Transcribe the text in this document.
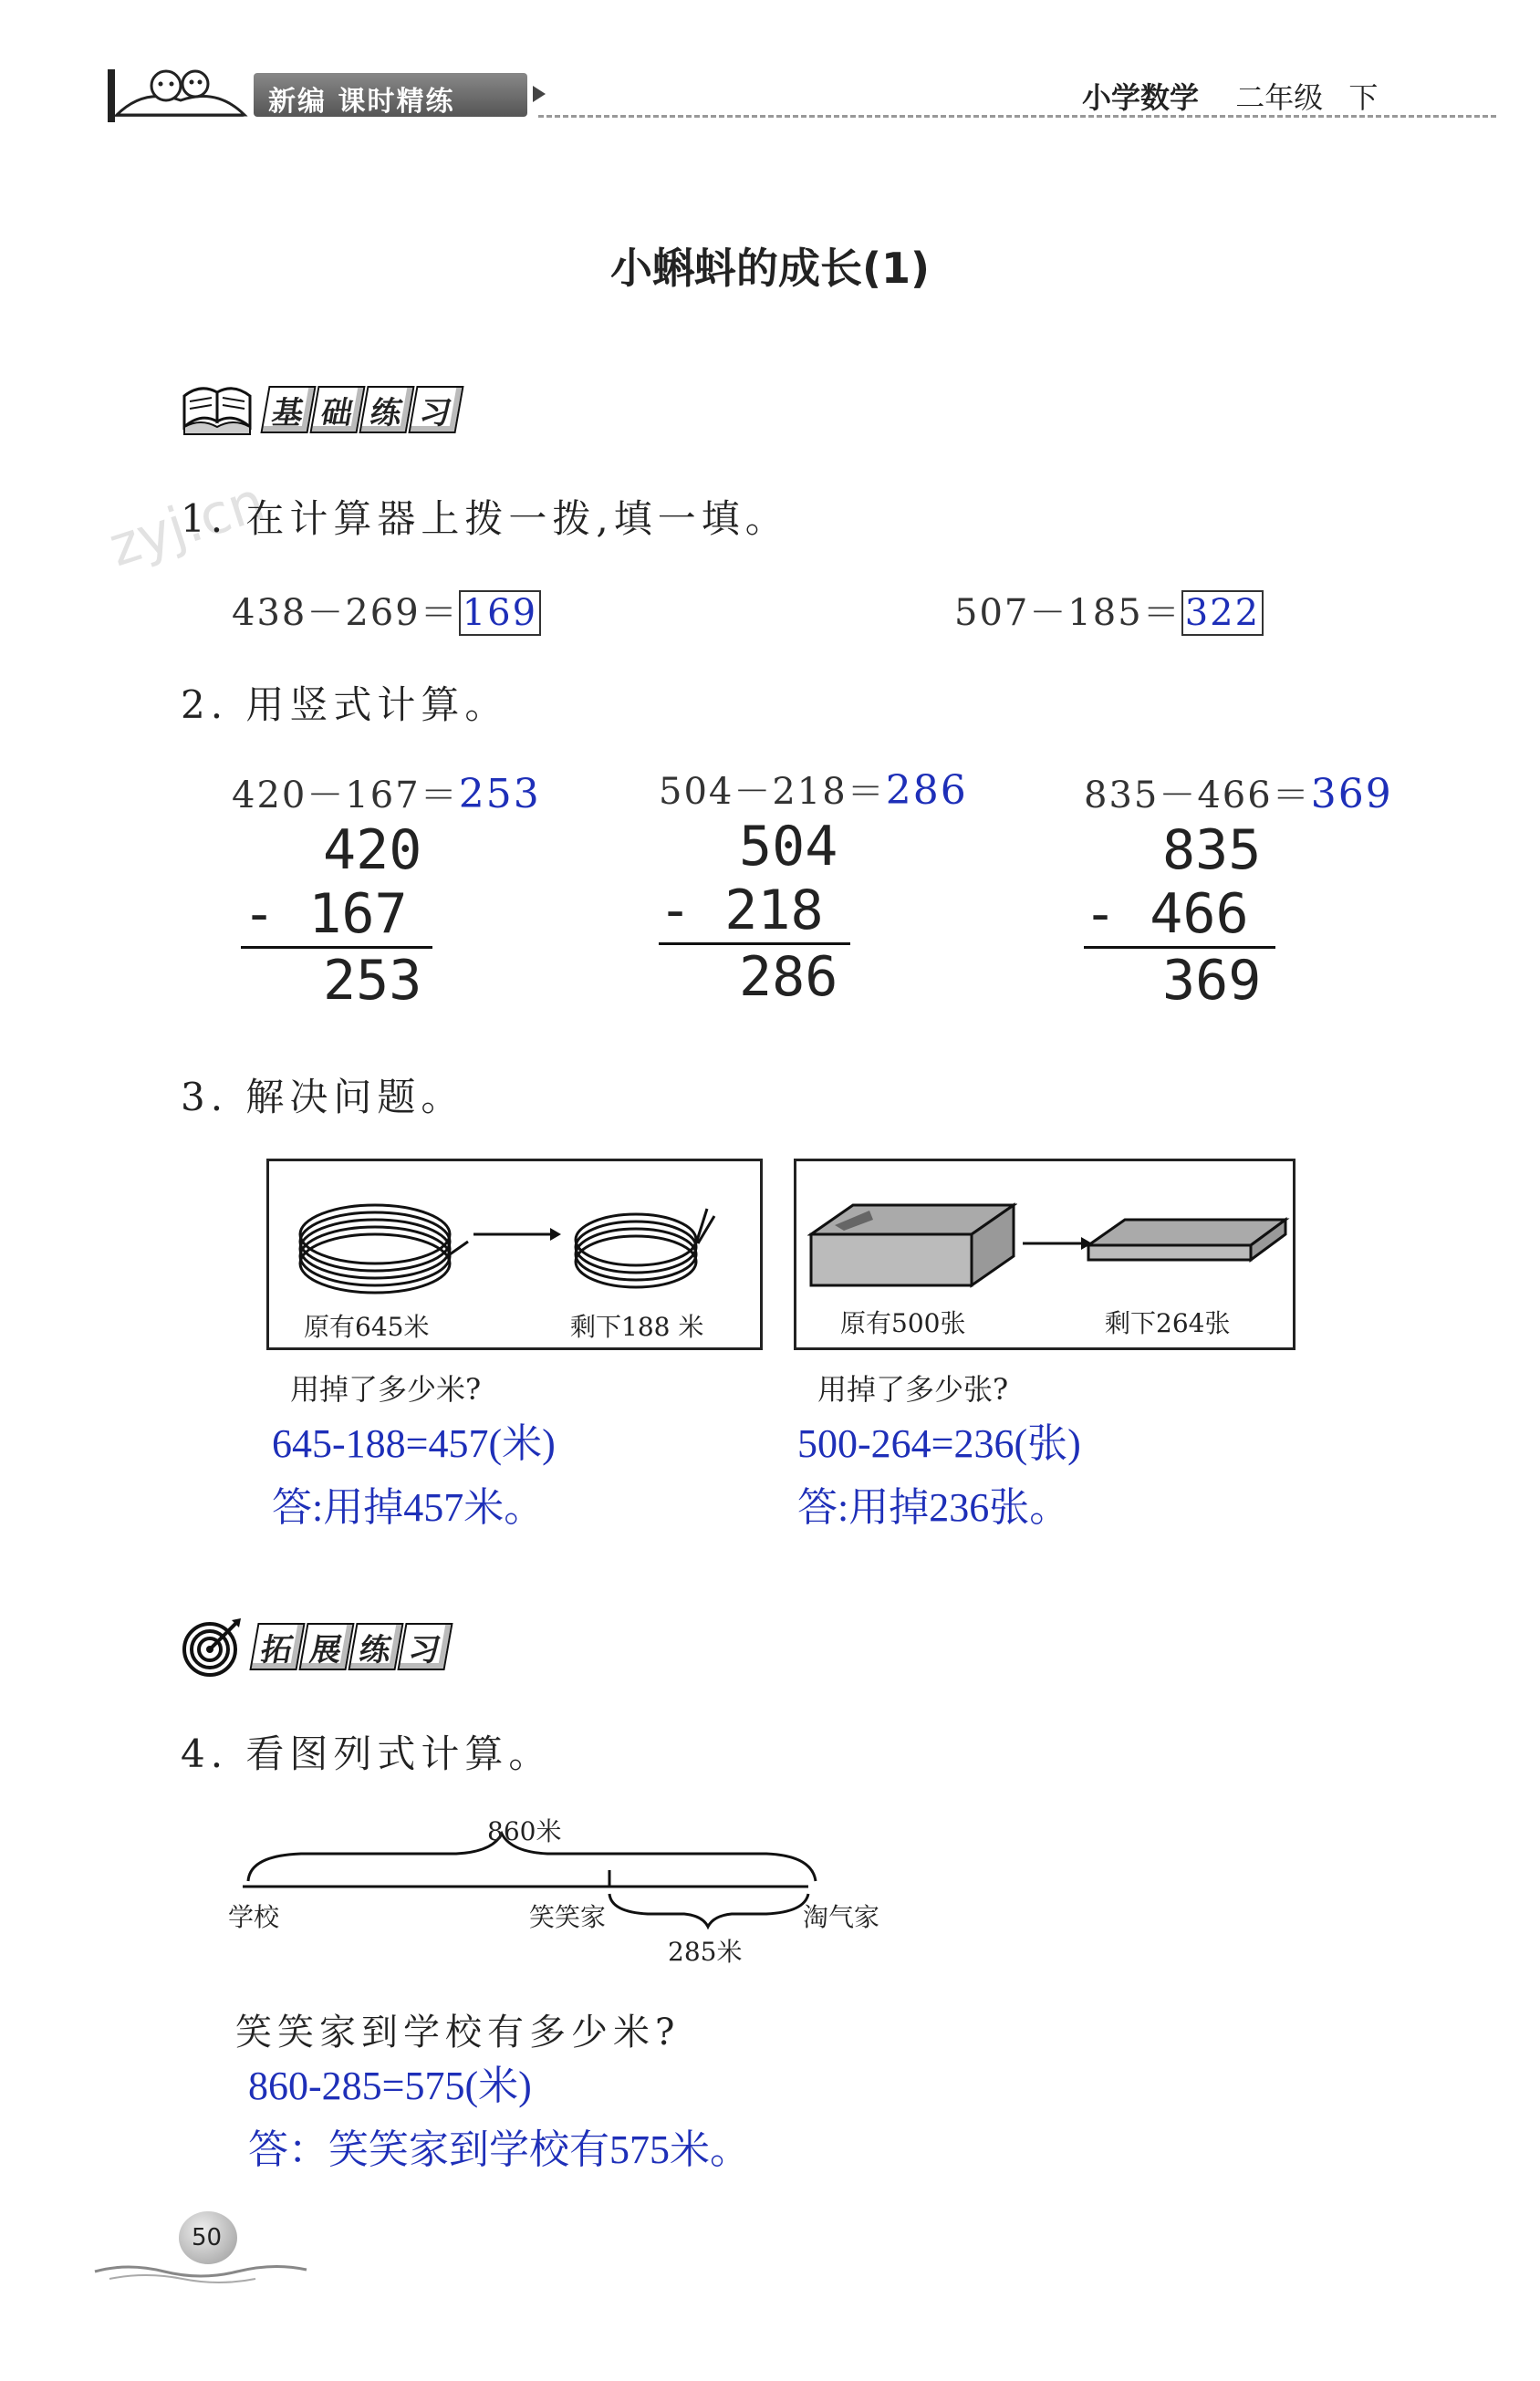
新编 课时精练	小学数学 二年级 下
小蝌蚪的成长(1)
基 础 练 习
zyj.cn
1. 在计算器上拨一拨,填一填。
438－269＝ 169	507－185＝ 322
2. 用竖式计算。
420－167＝253
420
- 167
253
504－218＝286
504
- 218
286
835－466＝369
835
- 466
369
3. 解决问题。
原有645米	剩下188 米	原有500张	剩下264张
用掉了多少米?
645-188=457(米)
答:用掉457米。
用掉了多少张?
500-264=236(张)
答:用掉236张。
拓 展 练 习
4. 看图列式计算。
860米
学校	笑笑家	淘气家
285米
笑笑家到学校有多少米?
860-285=575(米)
答：笑笑家到学校有575米。
50
